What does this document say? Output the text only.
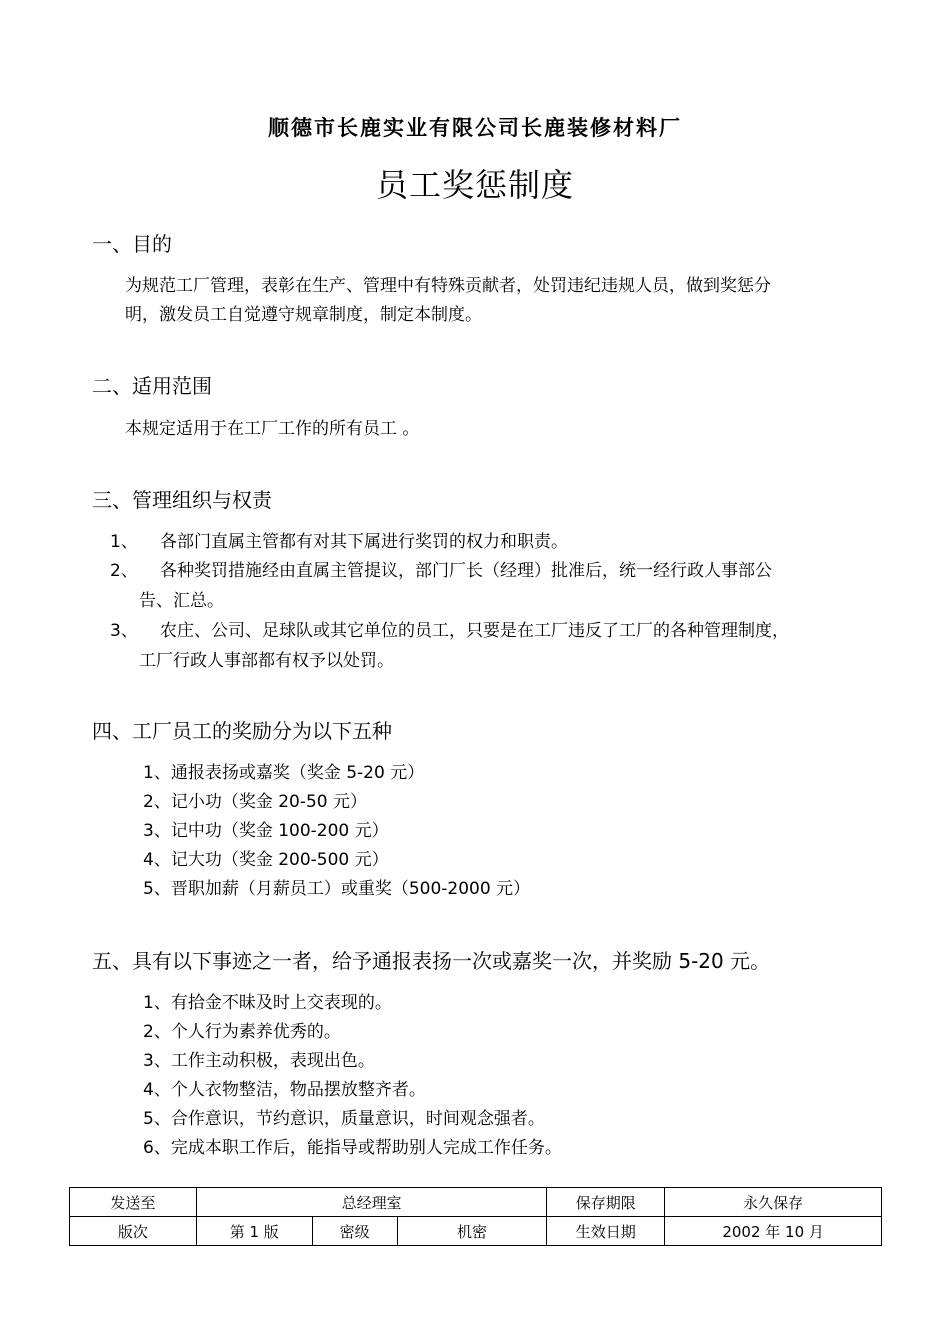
顺德市长鹿实业有限公司长鹿装修材料厂
员工奖惩制度
一、目的
为规范工厂管理，表彰在生产、管理中有特殊贡献者，处罚违纪违规人员，做到奖惩分
明，激发员工自觉遵守规章制度，制定本制度。
二、适用范围
本规定适用于在工厂工作的所有员工 。
三、管理组织与权责
1、 各部门直属主管都有对其下属进行奖罚的权力和职责。
2、 各种奖罚措施经由直属主管提议，部门厂长（经理）批准后，统一经行政人事部公
告、汇总。
3、 农庄、公司、足球队或其它单位的员工，只要是在工厂违反了工厂的各种管理制度，
工厂行政人事部都有权予以处罚。
四、工厂员工的奖励分为以下五种
1、通报表扬或嘉奖（奖金 5-20 元）
2、记小功（奖金 20-50 元）
3、记中功（奖金 100-200 元）
4、记大功（奖金 200-500 元）
5、晋职加薪（月薪员工）或重奖（500-2000 元）
五、具有以下事迹之一者，给予通报表扬一次或嘉奖一次，并奖励 5-20 元。
1、有拾金不昧及时上交表现的。
2、个人行为素养优秀的。
3、工作主动积极，表现出色。
4、个人衣物整洁，物品摆放整齐者。
5、合作意识，节约意识，质量意识，时间观念强者。
6、完成本职工作后，能指导或帮助别人完成工作任务。
发送至	总经理室			保存期限	永久保存
版次	第 1 版	密级	机密	生效日期	2002 年 10 月
